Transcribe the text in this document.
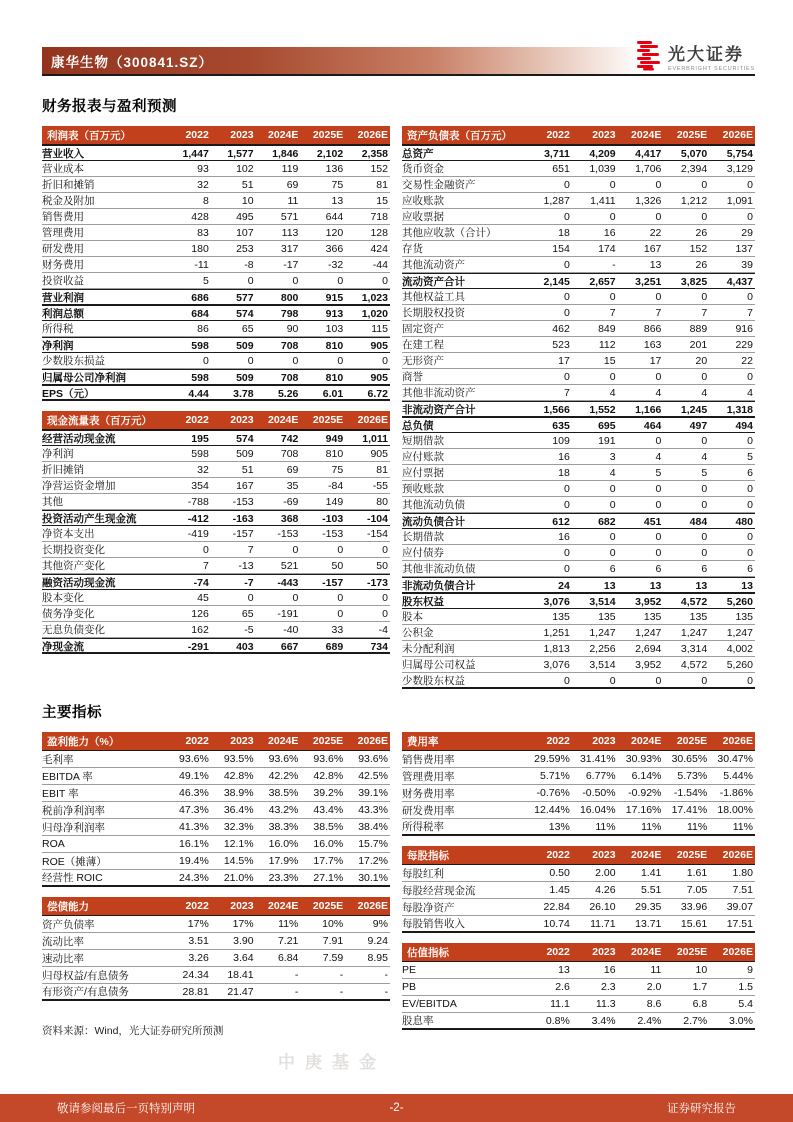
康华生物（300841.SZ）	光大证券
EVERBRIGHT SECURITIES
财务报表与盈利预测
利润表（百万元）	2022	2023	2024E	2025E	2026E
营业收入	1,447	1,577	1,846	2,102	2,358
营业成本	93	102	119	136	152
折旧和摊销	32	51	69	75	81
税金及附加	8	10	11	13	15
销售费用	428	495	571	644	718
管理费用	83	107	113	120	128
研发费用	180	253	317	366	424
财务费用	-11	-8	-17	-32	-44
投资收益	5	0	0	0	0
营业利润	686	577	800	915	1,023
利润总额	684	574	798	913	1,020
所得税	86	65	90	103	115
净利润	598	509	708	810	905
少数股东损益	0	0	0	0	0
归属母公司净利润	598	509	708	810	905
EPS（元）	4.44	3.78	5.26	6.01	6.72
现金流量表（百万元）	2022	2023	2024E	2025E	2026E
经营活动现金流	195	574	742	949	1,011
净利润	598	509	708	810	905
折旧摊销	32	51	69	75	81
净营运资金增加	354	167	35	-84	-55
其他	-788	-153	-69	149	80
投资活动产生现金流	-412	-163	368	-103	-104
净资本支出	-419	-157	-153	-153	-154
长期投资变化	0	7	0	0	0
其他资产变化	7	-13	521	50	50
融资活动现金流	-74	-7	-443	-157	-173
股本变化	45	0	0	0	0
债务净变化	126	65	-191	0	0
无息负债变化	162	-5	-40	33	-4
净现金流	-291	403	667	689	734
资产负债表（百万元）	2022	2023	2024E	2025E	2026E
总资产	3,711	4,209	4,417	5,070	5,754
货币资金	651	1,039	1,706	2,394	3,129
交易性金融资产	0	0	0	0	0
应收账款	1,287	1,411	1,326	1,212	1,091
应收票据	0	0	0	0	0
其他应收款（合计）	18	16	22	26	29
存货	154	174	167	152	137
其他流动资产	0	-	13	26	39
流动资产合计	2,145	2,657	3,251	3,825	4,437
其他权益工具	0	0	0	0	0
长期股权投资	0	7	7	7	7
固定资产	462	849	866	889	916
在建工程	523	112	163	201	229
无形资产	17	15	17	20	22
商誉	0	0	0	0	0
其他非流动资产	7	4	4	4	4
非流动资产合计	1,566	1,552	1,166	1,245	1,318
总负债	635	695	464	497	494
短期借款	109	191	0	0	0
应付账款	16	3	4	4	5
应付票据	18	4	5	5	6
预收账款	0	0	0	0	0
其他流动负债	0	0	0	0	0
流动负债合计	612	682	451	484	480
长期借款	16	0	0	0	0
应付债券	0	0	0	0	0
其他非流动负债	0	6	6	6	6
非流动负债合计	24	13	13	13	13
股东权益	3,076	3,514	3,952	4,572	5,260
股本	135	135	135	135	135
公积金	1,251	1,247	1,247	1,247	1,247
未分配利润	1,813	2,256	2,694	3,314	4,002
归属母公司权益	3,076	3,514	3,952	4,572	5,260
少数股东权益	0	0	0	0	0
主要指标
盈利能力（%）	2022	2023	2024E	2025E	2026E
毛利率	93.6%	93.5%	93.6%	93.6%	93.6%
EBITDA 率	49.1%	42.8%	42.2%	42.8%	42.5%
EBIT 率	46.3%	38.9%	38.5%	39.2%	39.1%
税前净利润率	47.3%	36.4%	43.2%	43.4%	43.3%
归母净利润率	41.3%	32.3%	38.3%	38.5%	38.4%
ROA	16.1%	12.1%	16.0%	16.0%	15.7%
ROE（摊薄）	19.4%	14.5%	17.9%	17.7%	17.2%
经营性 ROIC	24.3%	21.0%	23.3%	27.1%	30.1%
偿债能力	2022	2023	2024E	2025E	2026E
资产负债率	17%	17%	11%	10%	9%
流动比率	3.51	3.90	7.21	7.91	9.24
速动比率	3.26	3.64	6.84	7.59	8.95
归母权益/有息债务	24.34	18.41	-	-	-
有形资产/有息债务	28.81	21.47	-	-	-
资料来源：Wind，光大证券研究所预测
费用率	2022	2023	2024E	2025E	2026E
销售费用率	29.59% 31.41% 30.93% 30.65% 30.47%
管理费用率	5.71%	6.77%	6.14%	5.73%	5.44%
财务费用率	-0.76%	-0.50%	-0.92%	-1.54%	-1.86%
研发费用率	12.44% 16.04% 17.16% 17.41% 18.00%
所得税率	13%	11%	11%	11%	11%
每股指标	2022	2023	2024E	2025E	2026E
每股红利	0.50	2.00	1.41	1.61	1.80
每股经营现金流	1.45	4.26	5.51	7.05	7.51
每股净资产	22.84	26.10	29.35	33.96	39.07
每股销售收入	10.74	11.71	13.71	15.61	17.51
估值指标	2022	2023	2024E	2025E	2026E
PE	13	16	11	10	9
PB	2.6	2.3	2.0	1.7	1.5
EV/EBITDA	11.1	11.3	8.6	6.8	5.4
股息率	0.8%	3.4%	2.4%	2.7%	3.0%
中庚基金
敬请参阅最后一页特别声明	-2-	证券研究报告
